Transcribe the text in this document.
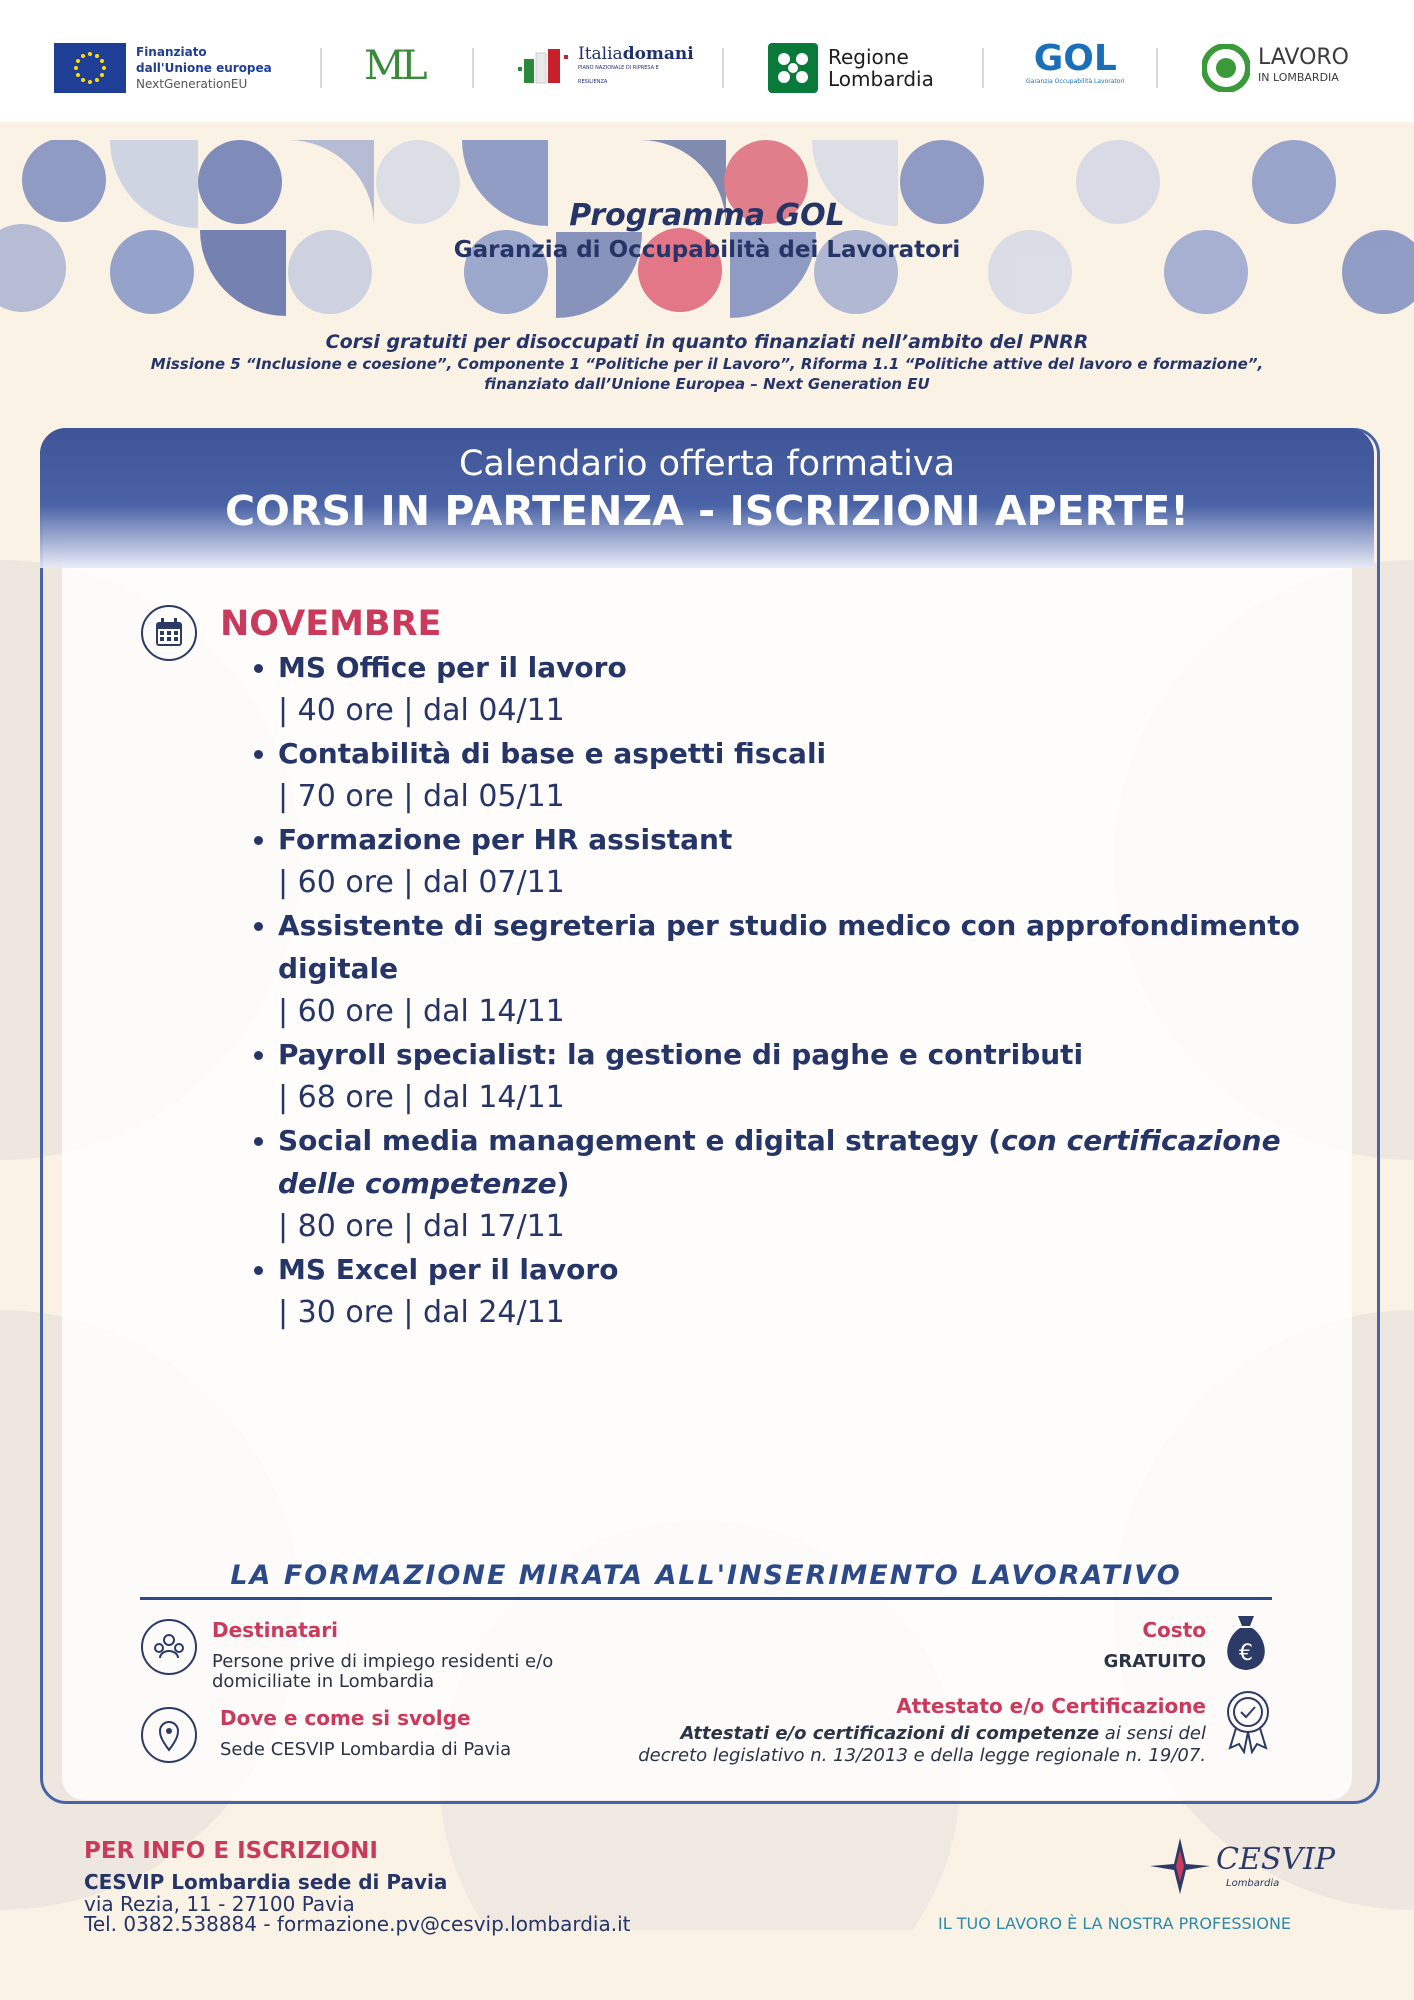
Finanziato
dall'Unione europea
NextGenerationEU	ML	Italiadomani
PIANO NAZIONALE DI RIPRESA E RESILIENZA
Regione
Lombardia	GOL
Garanzia Occupabilità Lavoratori
LAVORO
IN LOMBARDIA
Programma GOL
Garanzia di Occupabilità dei Lavoratori
Corsi gratuiti per disoccupati in quanto finanziati nell’ambito del PNRR
Missione 5 “Inclusione e coesione”, Componente 1 “Politiche per il Lavoro”, Riforma 1.1 “Politiche attive del lavoro e formazione”,
finanziato dall’Unione Europea – Next Generation EU
Calendario offerta formativa
CORSI IN PARTENZA - ISCRIZIONI APERTE!
NOVEMBRE
• MS Office per il lavoro
| 40 ore | dal 04/11
• Contabilità di base e aspetti fiscali
| 70 ore | dal 05/11
• Formazione per HR assistant
| 60 ore | dal 07/11
• Assistente di segreteria per studio medico con approfondimento digitale
| 60 ore | dal 14/11
• Payroll specialist: la gestione di paghe e contributi
| 68 ore | dal 14/11
• Social media management e digital strategy (con certificazione delle competenze)
| 80 ore | dal 17/11
• MS Excel per il lavoro
| 30 ore | dal 24/11
LA FORMAZIONE MIRATA ALL'INSERIMENTO LAVORATIVO
Destinatari
Persone prive di impiego residenti e/o
domiciliate in Lombardia
Dove e come si svolge
Sede CESVIP Lombardia di Pavia
Costo
GRATUITO €
Attestato e/o Certificazione
Attestati e/o certificazioni di competenze ai sensi del
decreto legislativo n. 13/2013 e della legge regionale n. 19/07.
PER INFO E ISCRIZIONI
CESVIP Lombardia sede di Pavia
via Rezia, 11 - 27100 Pavia
Tel. 0382.538884 - formazione.pv@cesvip.lombardia.it
CESVIP
Lombardia
IL TUO LAVORO È LA NOSTRA PROFESSIONE
